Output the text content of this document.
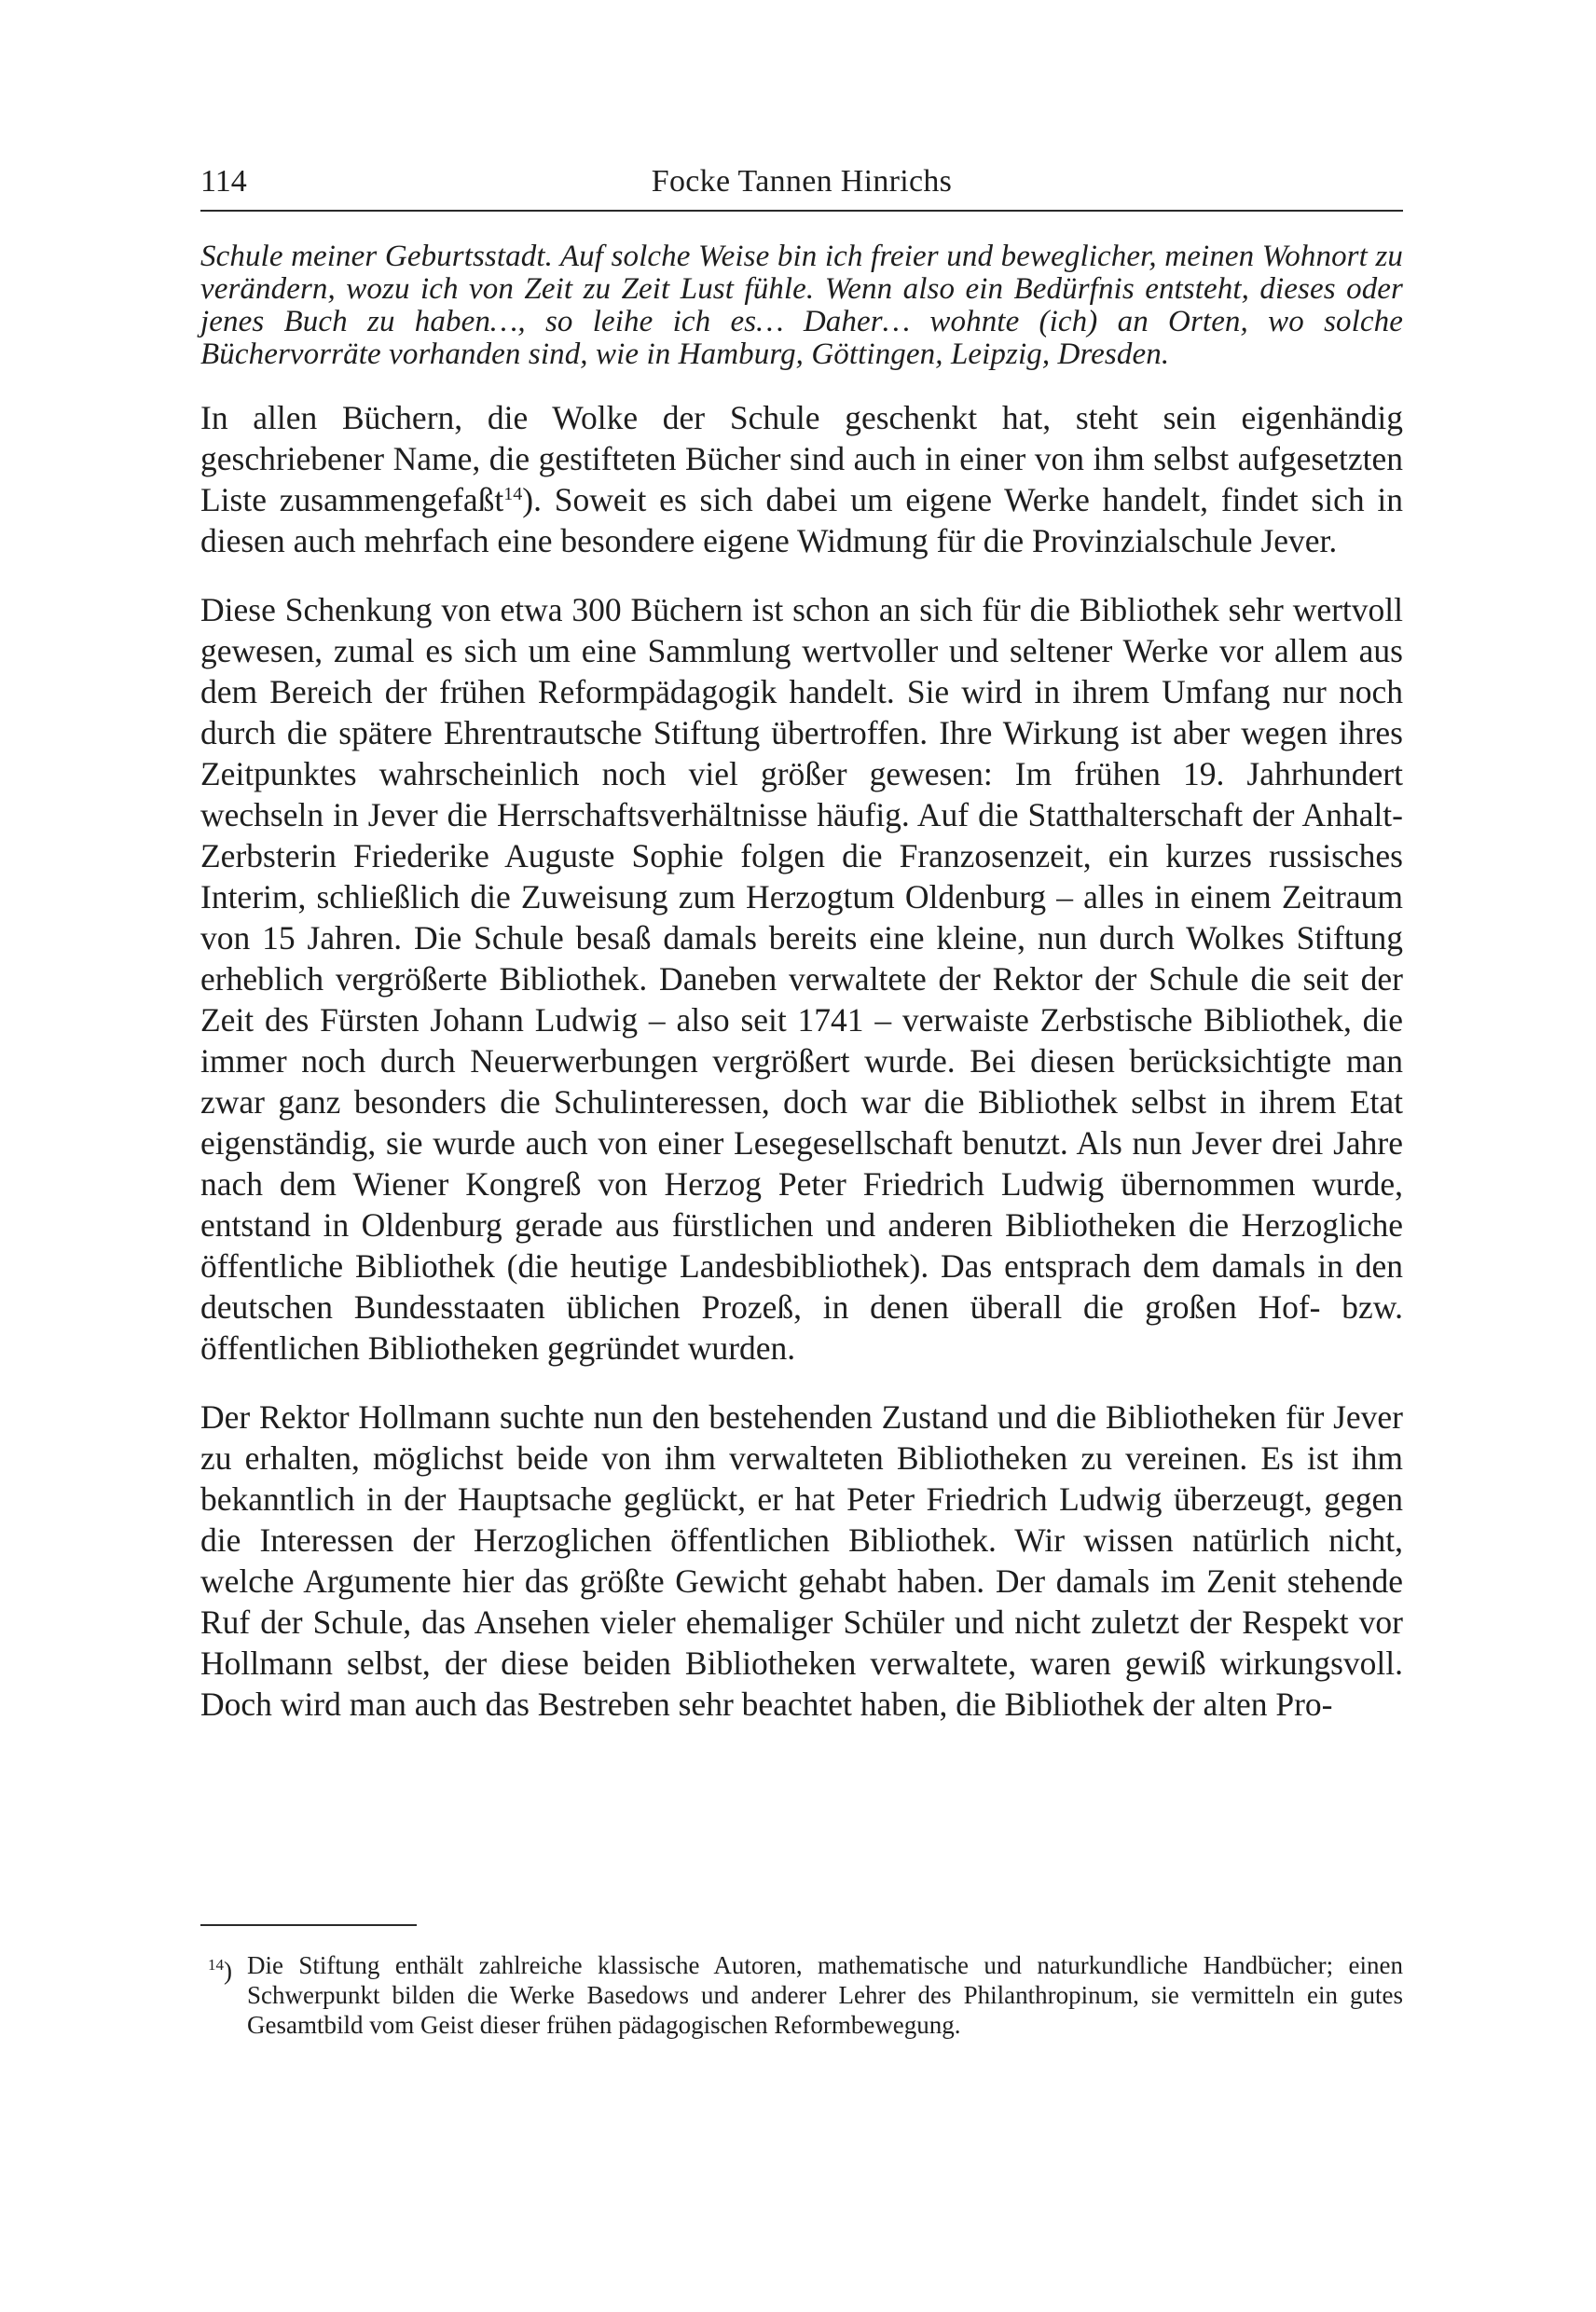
114	Focke Tannen Hinrichs

Schule meiner Geburtsstadt. Auf solche Weise bin ich freier und beweglicher, meinen Wohnort zu verändern, wozu ich von Zeit zu Zeit Lust fühle. Wenn also ein Bedürfnis entsteht, dieses oder jenes Buch zu haben…, so leihe ich es… Daher… wohnte (ich) an Orten, wo solche Büchervorräte vorhanden sind, wie in Hamburg, Göttingen, Leipzig, Dresden.

In allen Büchern, die Wolke der Schule geschenkt hat, steht sein eigenhändig geschriebener Name, die gestifteten Bücher sind auch in einer von ihm selbst aufgesetzten Liste zusammengefaßt$^{14}$). Soweit es sich dabei um eigene Werke handelt, findet sich in diesen auch mehrfach eine besondere eigene Widmung für die Provinzialschule Jever.

Diese Schenkung von etwa 300 Büchern ist schon an sich für die Bibliothek sehr wertvoll gewesen, zumal es sich um eine Sammlung wertvoller und seltener Werke vor allem aus dem Bereich der frühen Reformpädagogik handelt. Sie wird in ihrem Umfang nur noch durch die spätere Ehrentrautsche Stiftung übertroffen. Ihre Wirkung ist aber wegen ihres Zeitpunktes wahrscheinlich noch viel größer gewesen: Im frühen 19. Jahrhundert wechseln in Jever die Herrschaftsverhältnisse häufig. Auf die Statthalterschaft der Anhalt-Zerbsterin Friederike Auguste Sophie folgen die Franzosenzeit, ein kurzes russisches Interim, schließlich die Zuweisung zum Herzogtum Oldenburg – alles in einem Zeitraum von 15 Jahren. Die Schule besaß damals bereits eine kleine, nun durch Wolkes Stiftung erheblich vergrößerte Bibliothek. Daneben verwaltete der Rektor der Schule die seit der Zeit des Fürsten Johann Ludwig – also seit 1741 – verwaiste Zerbstische Bibliothek, die immer noch durch Neuerwerbungen vergrößert wurde. Bei diesen berücksichtigte man zwar ganz besonders die Schulinteressen, doch war die Bibliothek selbst in ihrem Etat eigenständig, sie wurde auch von einer Lesegesellschaft benutzt. Als nun Jever drei Jahre nach dem Wiener Kongreß von Herzog Peter Friedrich Ludwig übernommen wurde, entstand in Oldenburg gerade aus fürstlichen und anderen Bibliotheken die Herzogliche öffentliche Bibliothek (die heutige Landesbibliothek). Das entsprach dem damals in den deutschen Bundesstaaten üblichen Prozeß, in denen überall die großen Hof- bzw. öffentlichen Bibliotheken gegründet wurden.

Der Rektor Hollmann suchte nun den bestehenden Zustand und die Bibliotheken für Jever zu erhalten, möglichst beide von ihm verwalteten Bibliotheken zu vereinen. Es ist ihm bekanntlich in der Hauptsache geglückt, er hat Peter Friedrich Ludwig überzeugt, gegen die Interessen der Herzoglichen öffentlichen Bibliothek. Wir wissen natürlich nicht, welche Argumente hier das größte Gewicht gehabt haben. Der damals im Zenit stehende Ruf der Schule, das Ansehen vieler ehemaliger Schüler und nicht zuletzt der Respekt vor Hollmann selbst, der diese beiden Bibliotheken verwaltete, waren gewiß wirkungsvoll. Doch wird man auch das Bestreben sehr beachtet haben, die Bibliothek der alten Pro-

$^{14}$) Die Stiftung enthält zahlreiche klassische Autoren, mathematische und naturkundliche Handbücher; einen Schwerpunkt bilden die Werke Basedows und anderer Lehrer des Philanthropinum, sie vermitteln ein gutes Gesamtbild vom Geist dieser frühen pädagogischen Reformbewegung.
